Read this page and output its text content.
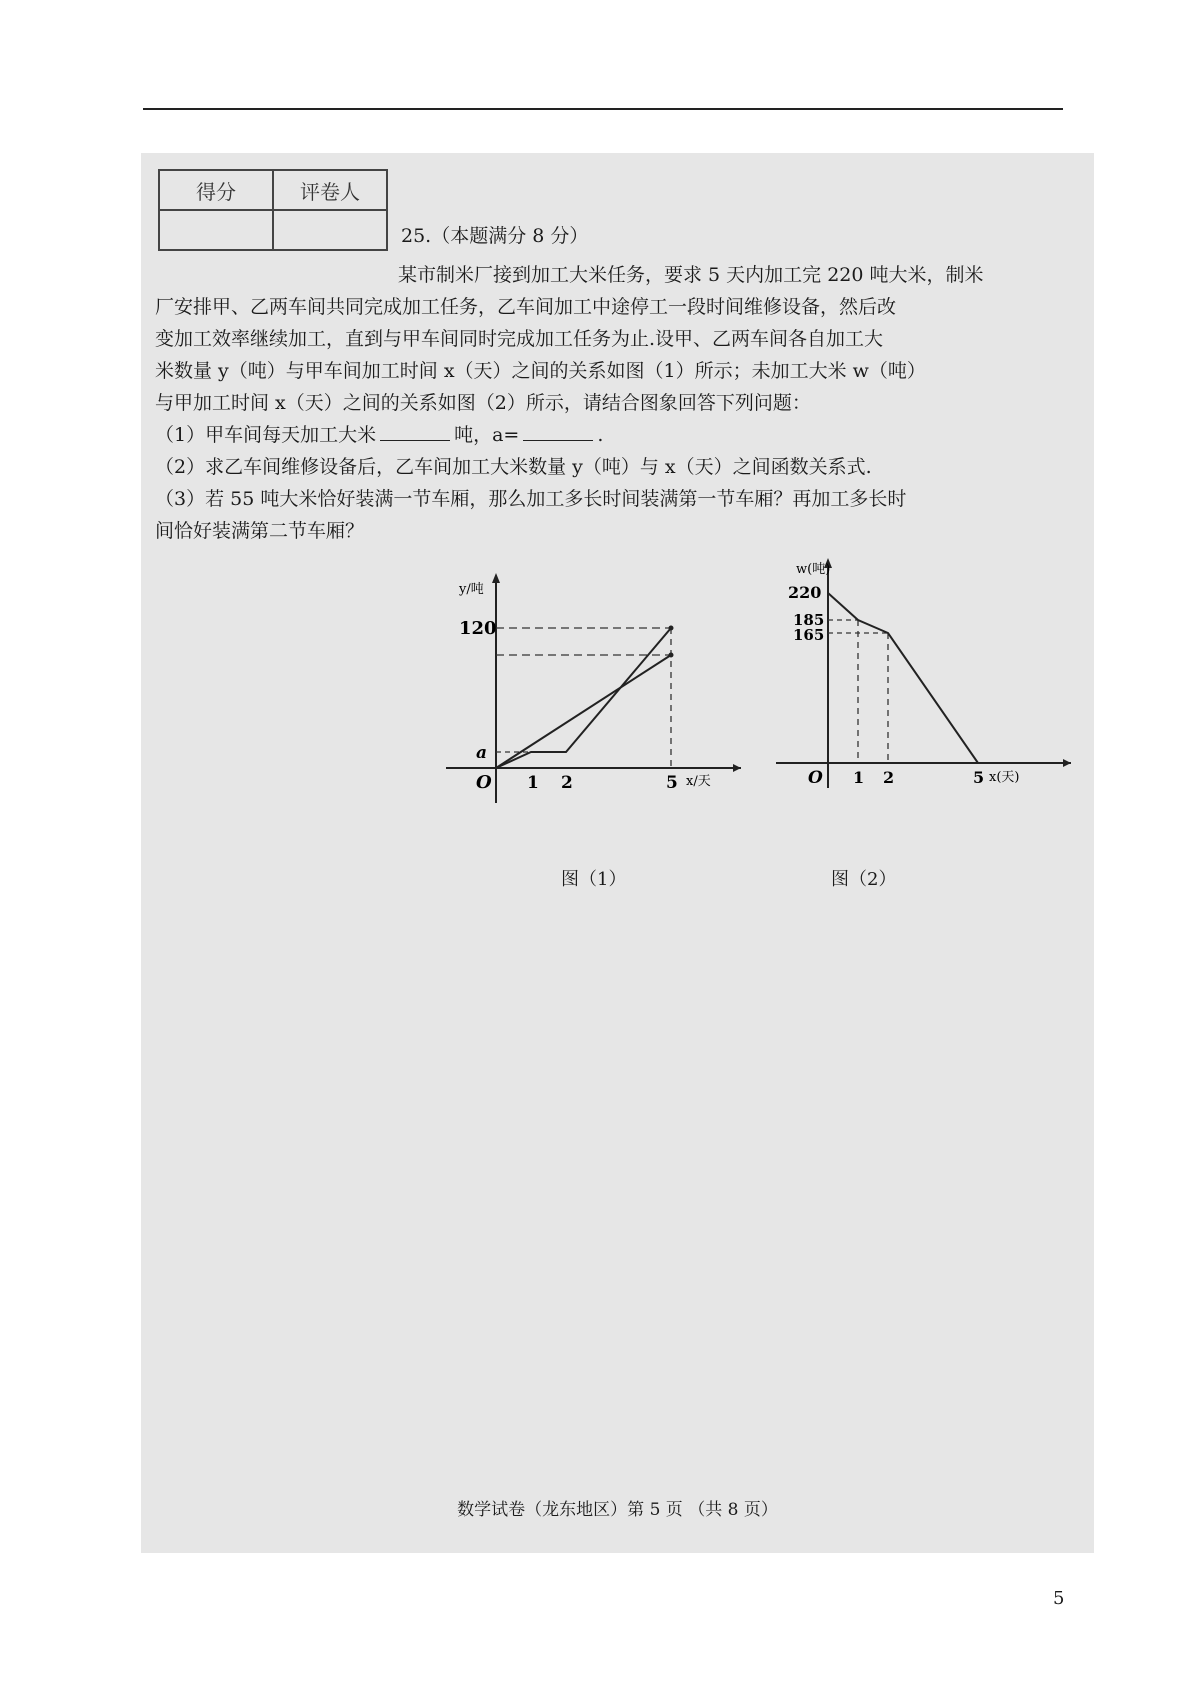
得分	评卷人

25.（本题满分 8 分）
某市制米厂接到加工大米任务，要求 5 天内加工完 220 吨大米，制米
厂安排甲、乙两车间共同完成加工任务，乙车间加工中途停工一段时间维修设备，然后改
变加工效率继续加工，直到与甲车间同时完成加工任务为止.设甲、乙两车间各自加工大
米数量 y（吨）与甲车间加工时间 x（天）之间的关系如图（1）所示；未加工大米 w（吨）
与甲加工时间 x（天）之间的关系如图（2）所示，请结合图象回答下列问题：
（1）甲车间每天加工大米	吨，a=	.
（2）求乙车间维修设备后，乙车间加工大米数量 y（吨）与 x（天）之间函数关系式.
（3）若 55 吨大米恰好装满一节车厢，那么加工多长时间装满第一节车厢？再加工多长时
间恰好装满第二节车厢？
y/吨
120
a
O 1 2	5 x/天
w(吨)
220
185
165
O 1 2	5 x(天)
图（1）	图（2）
数学试卷（龙东地区）第 5 页 （共 8 页）
5
